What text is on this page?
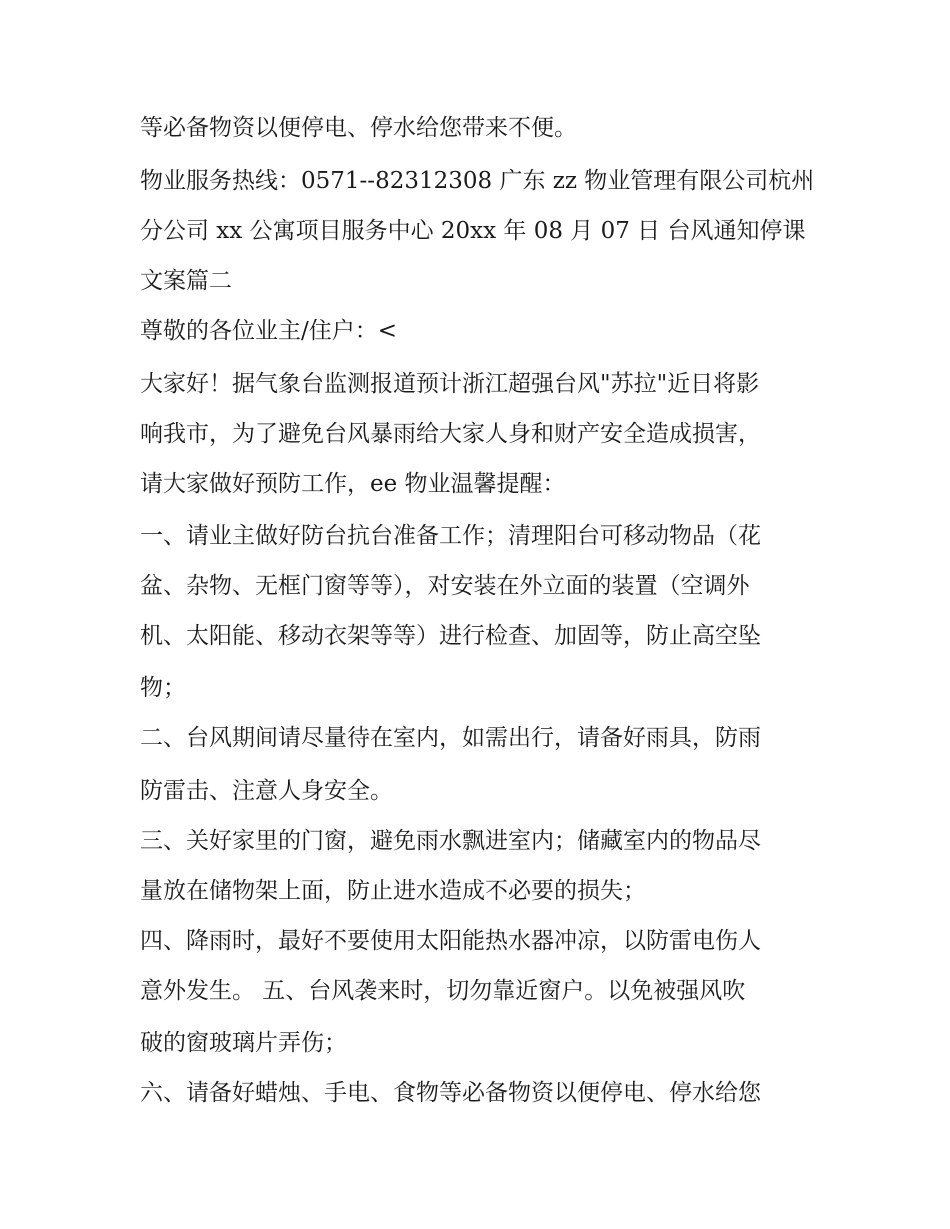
等必备物资以便停电、停水给您带来不便。
物业服务热线：0571--82312308 广东 zz 物业管理有限公司杭州
分公司 xx 公寓项目服务中心 20xx 年 08 月 07 日 台风通知停课
文案篇二
尊敬的各位业主/住户：<
大家好！据气象台监测报道预计浙江超强台风"苏拉"近日将影
响我市，为了避免台风暴雨给大家人身和财产安全造成损害，
请大家做好预防工作，ee 物业温馨提醒：
一、请业主做好防台抗台准备工作；清理阳台可移动物品（花
盆、杂物、无框门窗等等），对安装在外立面的装置（空调外
机、太阳能、移动衣架等等）进行检查、加固等，防止高空坠
物；
二、台风期间请尽量待在室内，如需出行，请备好雨具，防雨
防雷击、注意人身安全。
三、关好家里的门窗，避免雨水飘进室内；储藏室内的物品尽
量放在储物架上面，防止进水造成不必要的损失；
四、降雨时，最好不要使用太阳能热水器冲凉，以防雷电伤人
意外发生。 五、台风袭来时，切勿靠近窗户。以免被强风吹
破的窗玻璃片弄伤；
六、请备好蜡烛、手电、食物等必备物资以便停电、停水给您
